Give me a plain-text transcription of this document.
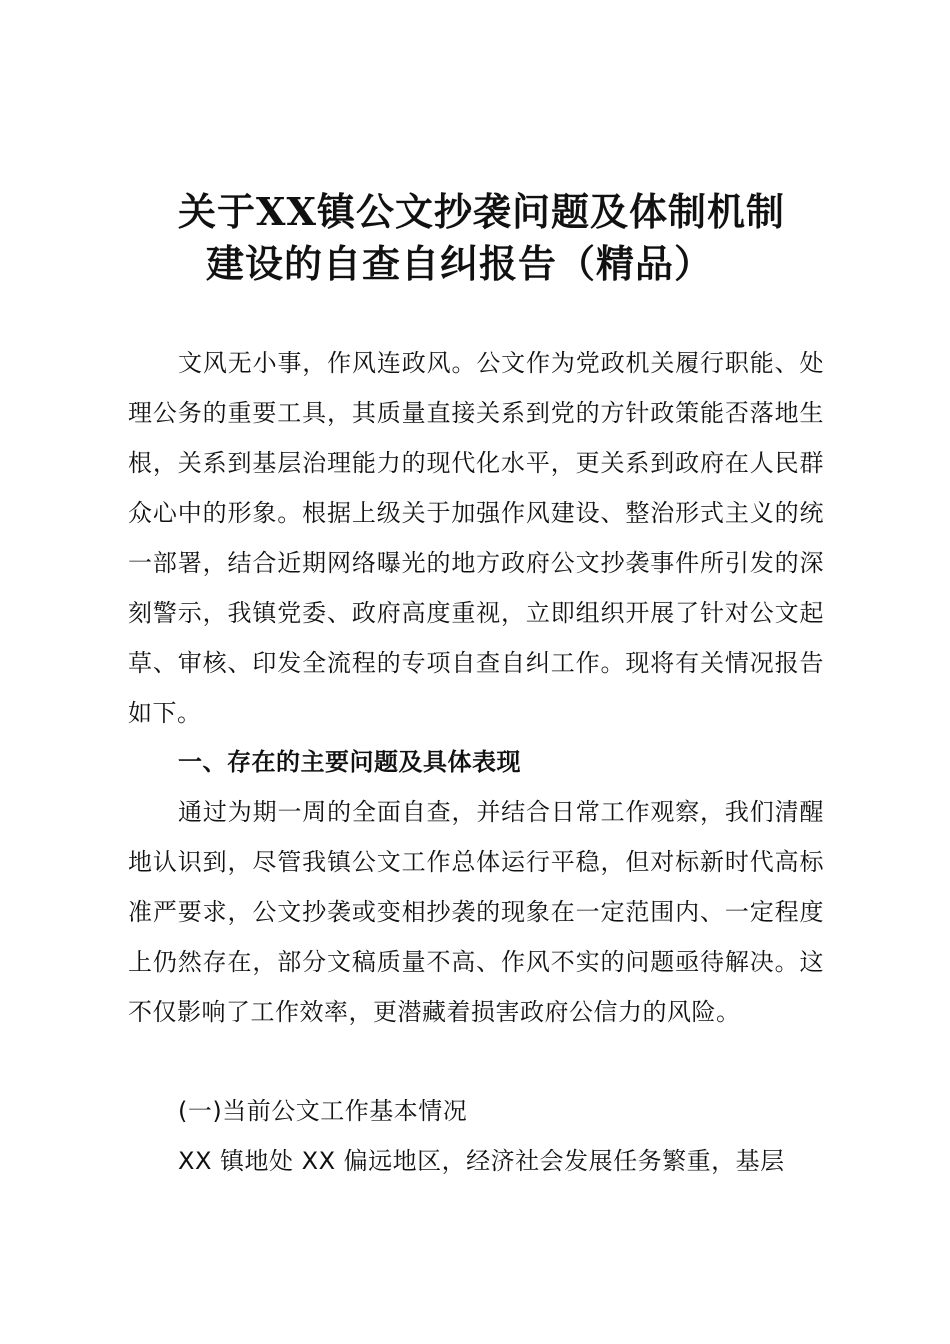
关于XX镇公文抄袭问题及体制机制
建设的自查自纠报告（精品）

文风无小事，作风连政风。公文作为党政机关履行职能、处理公务的重要工具，其质量直接关系到党的方针政策能否落地生根，关系到基层治理能力的现代化水平，更关系到政府在人民群众心中的形象。根据上级关于加强作风建设、整治形式主义的统一部署，结合近期网络曝光的地方政府公文抄袭事件所引发的深刻警示，我镇党委、政府高度重视，立即组织开展了针对公文起草、审核、印发全流程的专项自查自纠工作。现将有关情况报告如下。

一、存在的主要问题及具体表现

通过为期一周的全面自查，并结合日常工作观察，我们清醒地认识到，尽管我镇公文工作总体运行平稳，但对标新时代高标准严要求，公文抄袭或变相抄袭的现象在一定范围内、一定程度上仍然存在，部分文稿质量不高、作风不实的问题亟待解决。这不仅影响了工作效率，更潜藏着损害政府公信力的风险。

(一)当前公文工作基本情况

XX 镇地处 XX 偏远地区，经济社会发展任务繁重，基层
